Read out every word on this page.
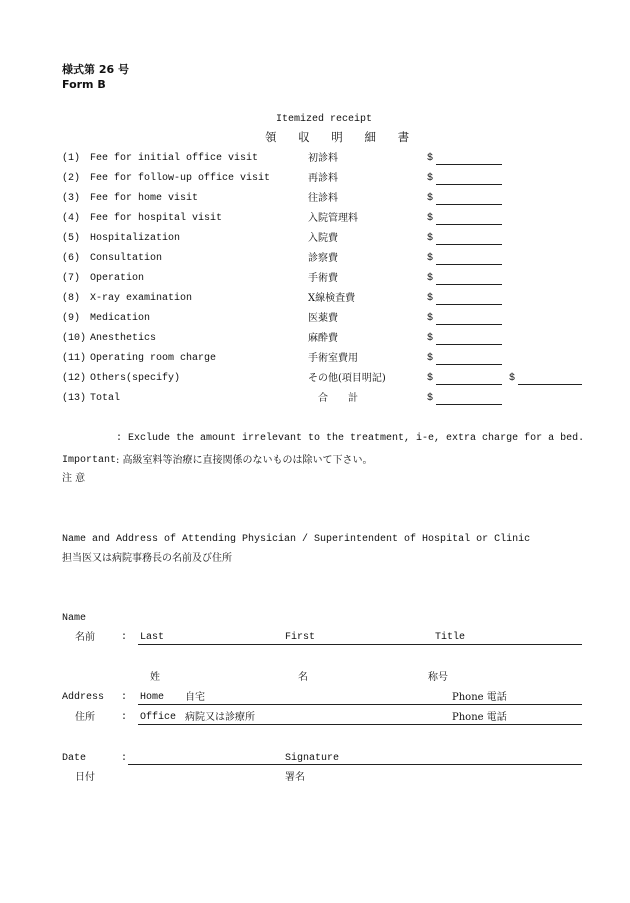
様式第 26 号
Form B
Itemized receipt
領 収 明 細 書
(1) Fee for initial office visit	初診料	$
(2) Fee for follow-up office visit	再診料	$
(3) Fee for home visit	往診料	$
(4) Fee for hospital visit	入院管理料	$
(5) Hospitalization	入院費	$
(6) Consultation	診察費	$
(7) Operation	手術費	$
(8) X-ray examination	X線検査費	$
(9) Medication	医薬費	$
(10) Anesthetics	麻酔費	$
(11) Operating room charge	手術室費用	$
(12) Others(specify)	その他(項目明記)	$	$
(13) Total	合　　計	$
: Exclude the amount irrelevant to the treatment, i-e, extra charge for a bed.
Important : 高級室料等治療に直接関係のないものは除いて下さい。
注 意
Name and Address of Attending Physician / Superintendent of Hospital or Clinic
担当医又は病院事務長の名前及び住所
Name
名前	: Last	First	Title
姓	名	称号
Address : Home 自宅	Phone 電話
住所	: Office 病院又は診療所	Phone 電話
Date	:	Signature
日付	署名
